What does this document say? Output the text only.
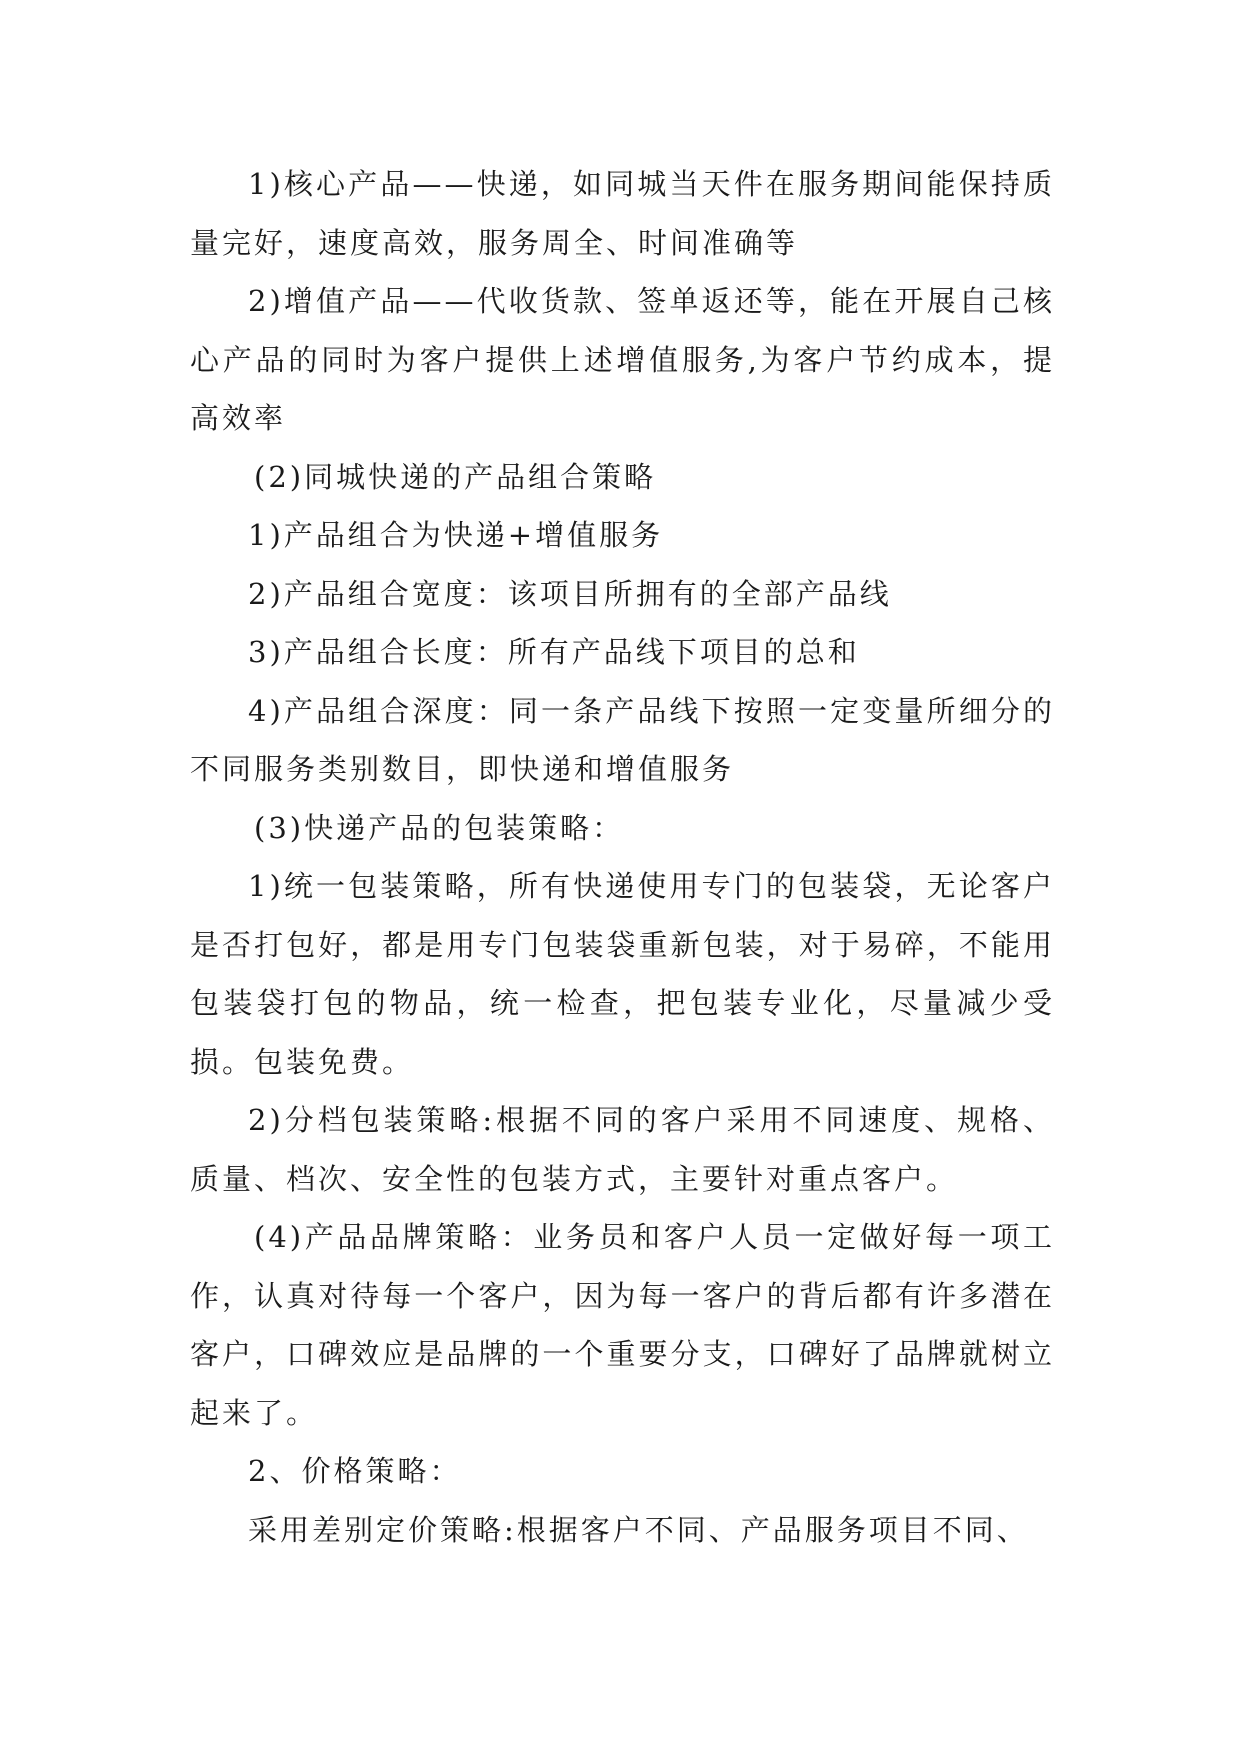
1)核心产品——快递，如同城当天件在服务期间能保持质量完好，速度高效，服务周全、时间准确等

2)增值产品——代收货款、签单返还等，能在开展自己核心产品的同时为客户提供上述增值服务,为客户节约成本，提高效率

(2)同城快递的产品组合策略

1)产品组合为快递+增值服务

2)产品组合宽度：该项目所拥有的全部产品线

3)产品组合长度：所有产品线下项目的总和

4)产品组合深度：同一条产品线下按照一定变量所细分的不同服务类别数目，即快递和增值服务

(3)快递产品的包装策略：

1)统一包装策略，所有快递使用专门的包装袋，无论客户是否打包好，都是用专门包装袋重新包装，对于易碎，不能用包装袋打包的物品，统一检查，把包装专业化，尽量减少受损。包装免费。

2)分档包装策略:根据不同的客户采用不同速度、规格、质量、档次、安全性的包装方式，主要针对重点客户。

(4)产品品牌策略：业务员和客户人员一定做好每一项工作，认真对待每一个客户，因为每一客户的背后都有许多潜在客户，口碑效应是品牌的一个重要分支，口碑好了品牌就树立起来了。

2、价格策略：

采用差别定价策略:根据客户不同、产品服务项目不同、
